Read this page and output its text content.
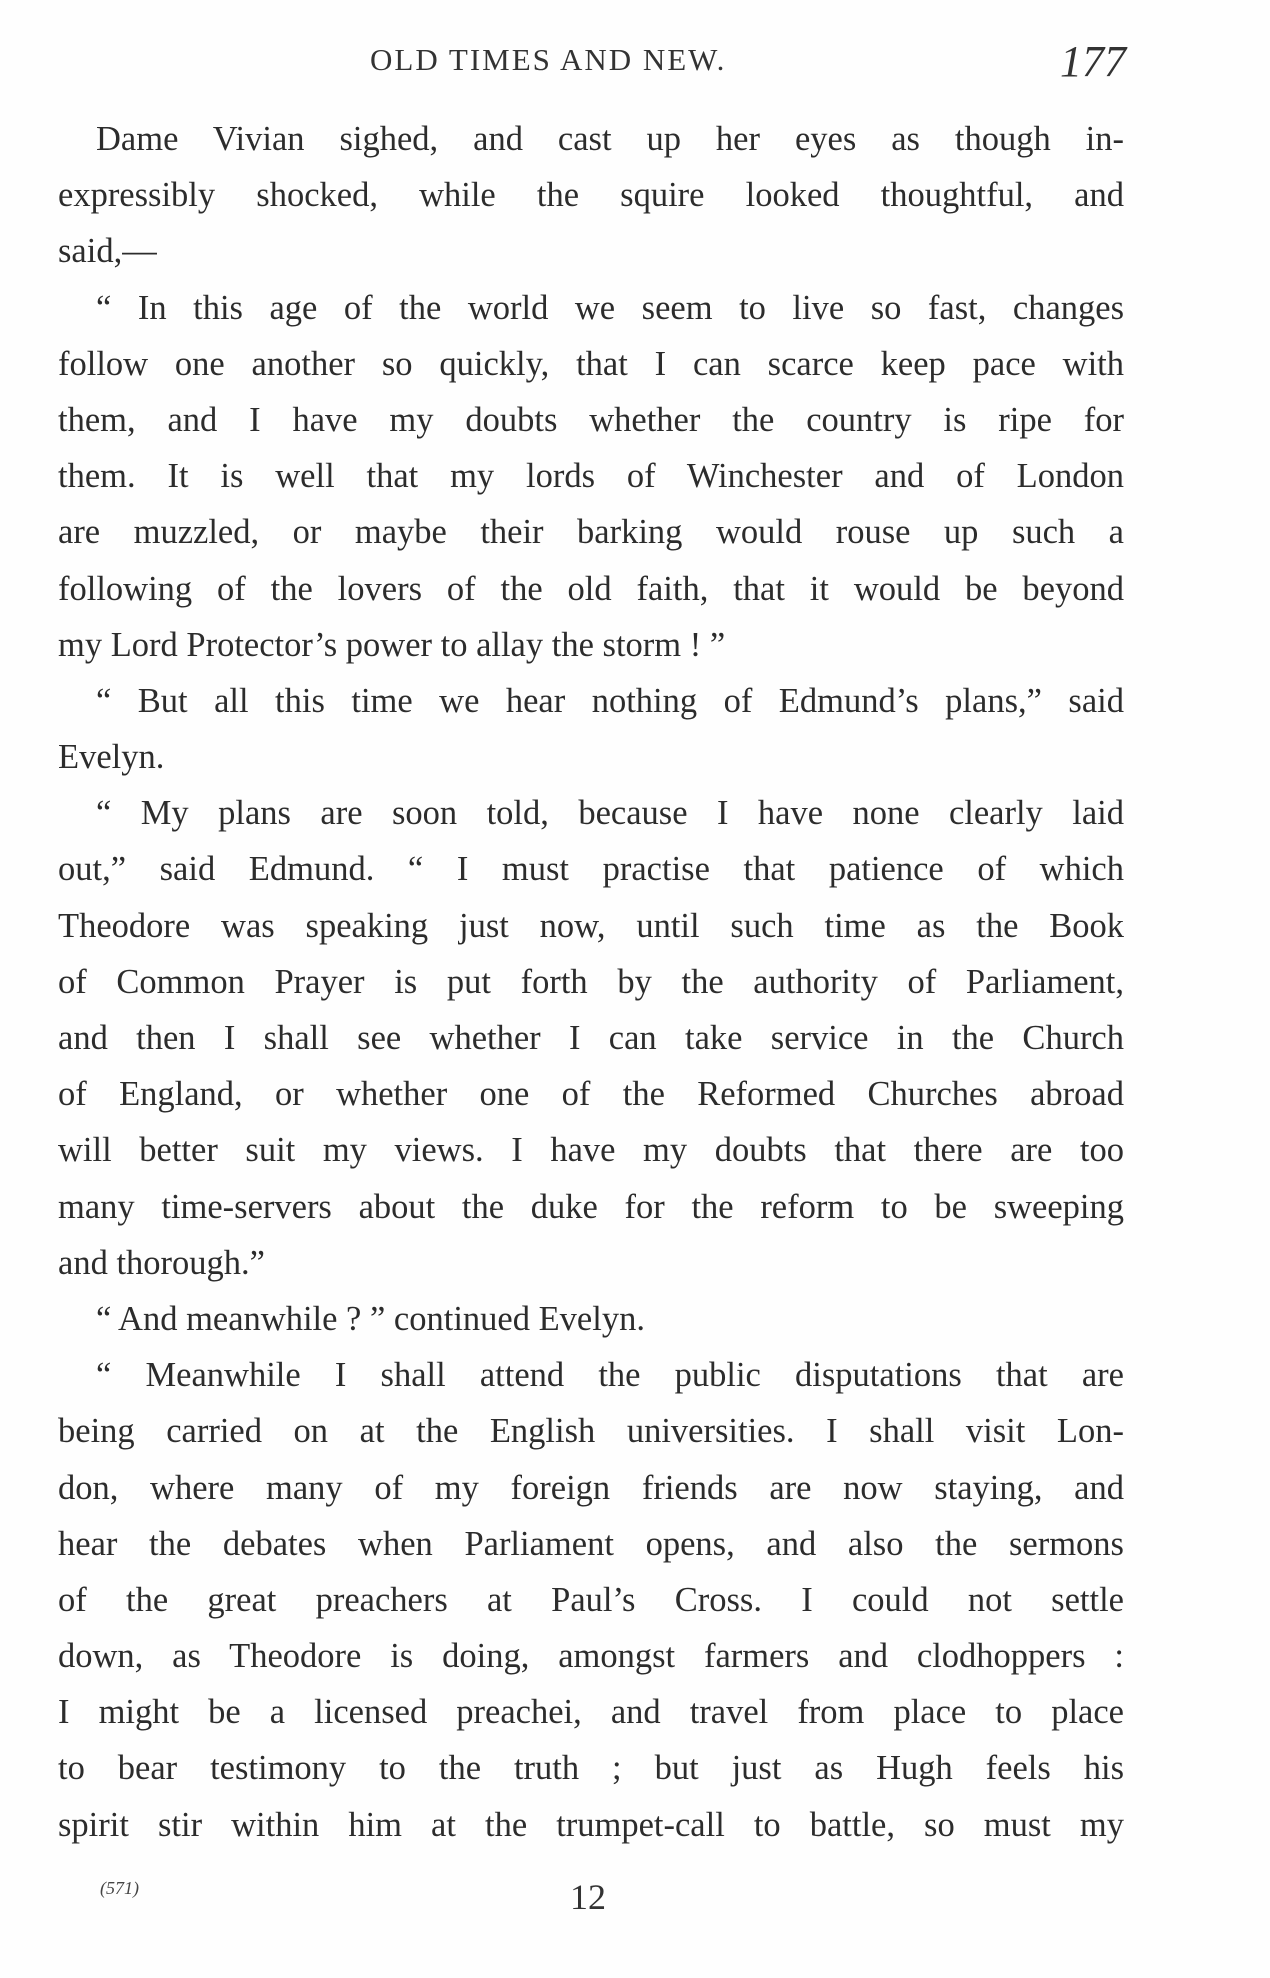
OLD TIMES AND NEW.	177
Dame Vivian sighed, and cast up her eyes as though in-
expressibly shocked, while the squire looked thoughtful, and
said,—
“ In this age of the world we seem to live so fast, changes
follow one another so quickly, that I can scarce keep pace with
them, and I have my doubts whether the country is ripe for
them. It is well that my lords of Winchester and of London
are muzzled, or maybe their barking would rouse up such a
following of the lovers of the old faith, that it would be beyond
my Lord Protector’s power to allay the storm ! ”
“ But all this time we hear nothing of Edmund’s plans,” said
Evelyn.
“ My plans are soon told, because I have none clearly laid
out,” said Edmund. “ I must practise that patience of which
Theodore was speaking just now, until such time as the Book
of Common Prayer is put forth by the authority of Parliament,
and then I shall see whether I can take service in the Church
of England, or whether one of the Reformed Churches abroad
will better suit my views. I have my doubts that there are too
many time-servers about the duke for the reform to be sweeping
and thorough.”
“ And meanwhile ? ” continued Evelyn.
“ Meanwhile I shall attend the public disputations that are
being carried on at the English universities. I shall visit Lon-
don, where many of my foreign friends are now staying, and
hear the debates when Parliament opens, and also the sermons
of the great preachers at Paul’s Cross. I could not settle
down, as Theodore is doing, amongst farmers and clodhoppers :
I might be a licensed preachei, and travel from place to place
to bear testimony to the truth ; but just as Hugh feels his
spirit stir within him at the trumpet-call to battle, so must my
(571)	12
